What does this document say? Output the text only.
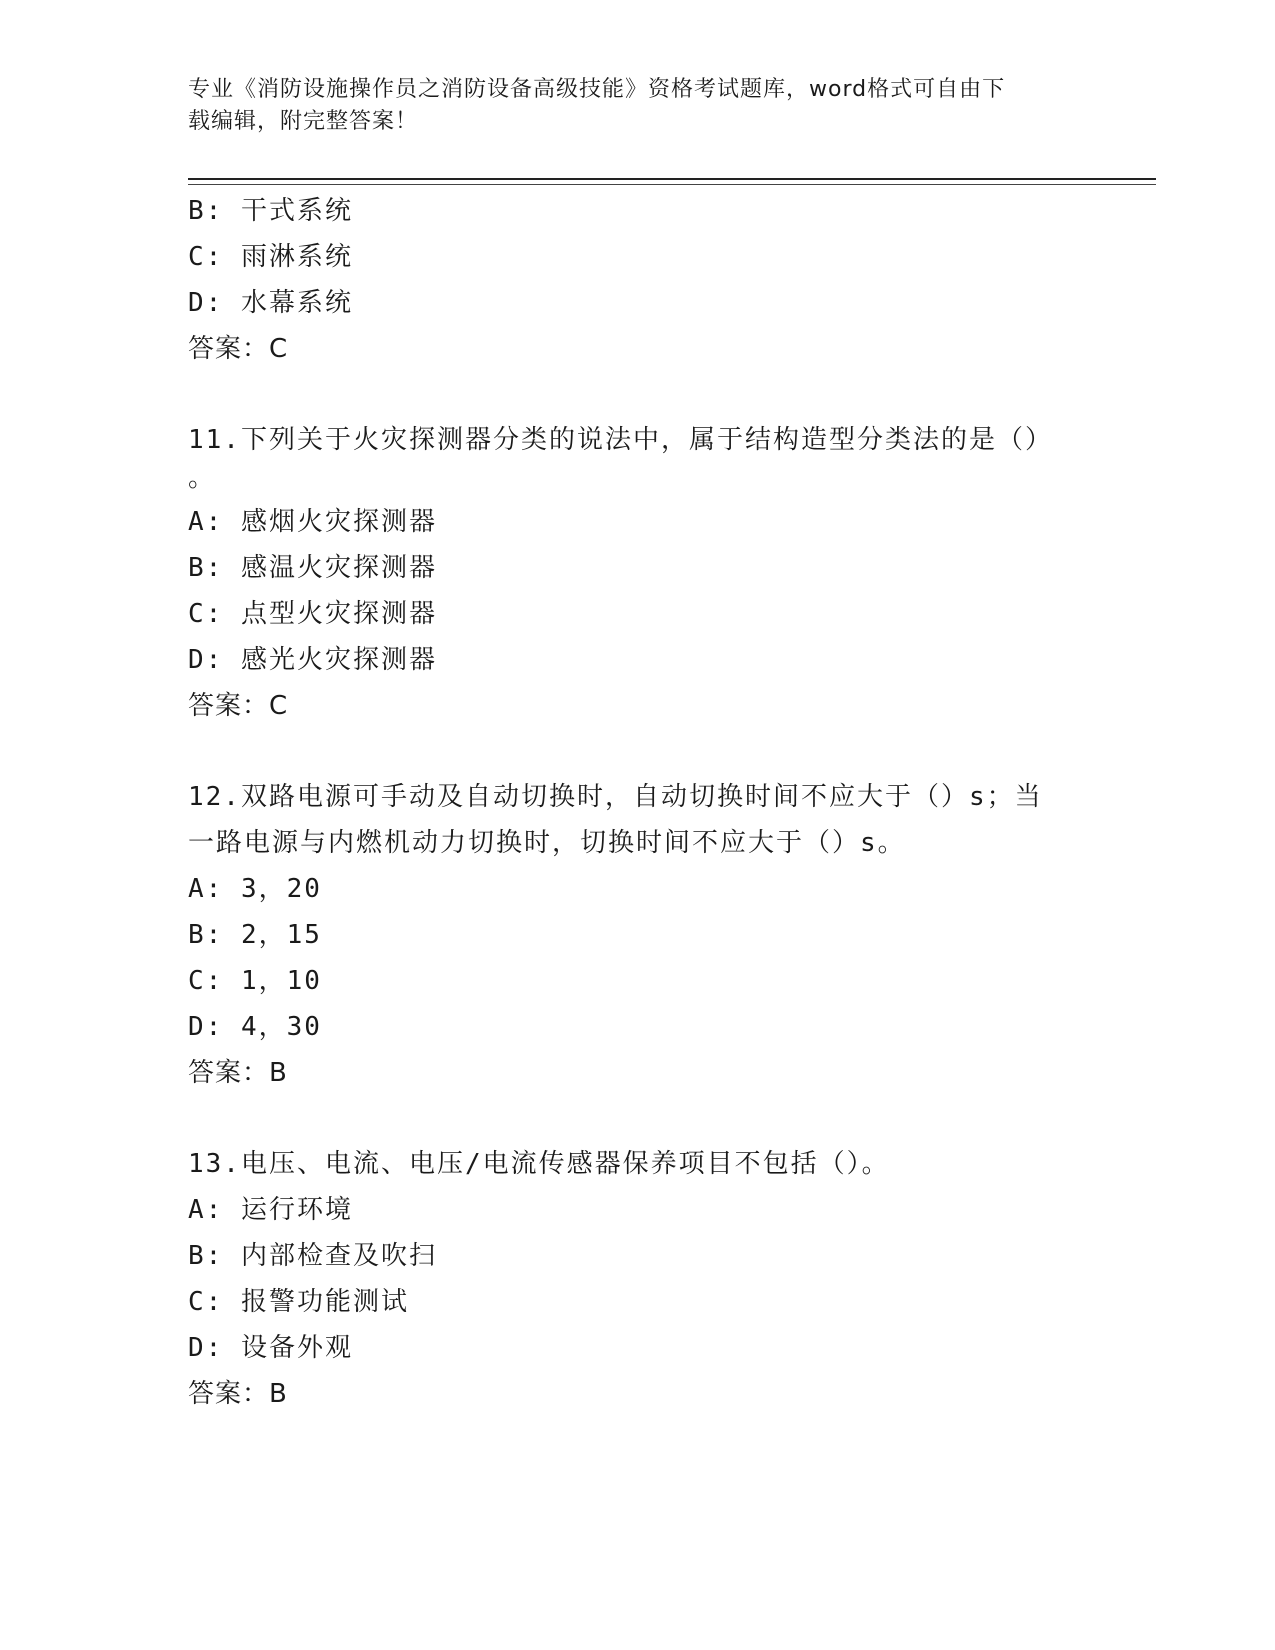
专业《消防设施操作员之消防设备高级技能》资格考试题库，word格式可自由下
载编辑，附完整答案！
B: 干式系统
C: 雨淋系统
D: 水幕系统
答案：C
11.下列关于火灾探测器分类的说法中，属于结构造型分类法的是（）
。
A: 感烟火灾探测器
B: 感温火灾探测器
C: 点型火灾探测器
D: 感光火灾探测器
答案：C
12.双路电源可手动及自动切换时，自动切换时间不应大于（）s；当
一路电源与内燃机动力切换时，切换时间不应大于（）s。
A: 3，20
B: 2，15
C: 1，10
D: 4，30
答案：B
13.电压、电流、电压/电流传感器保养项目不包括（）。
A: 运行环境
B: 内部检查及吹扫
C: 报警功能测试
D: 设备外观
答案：B
